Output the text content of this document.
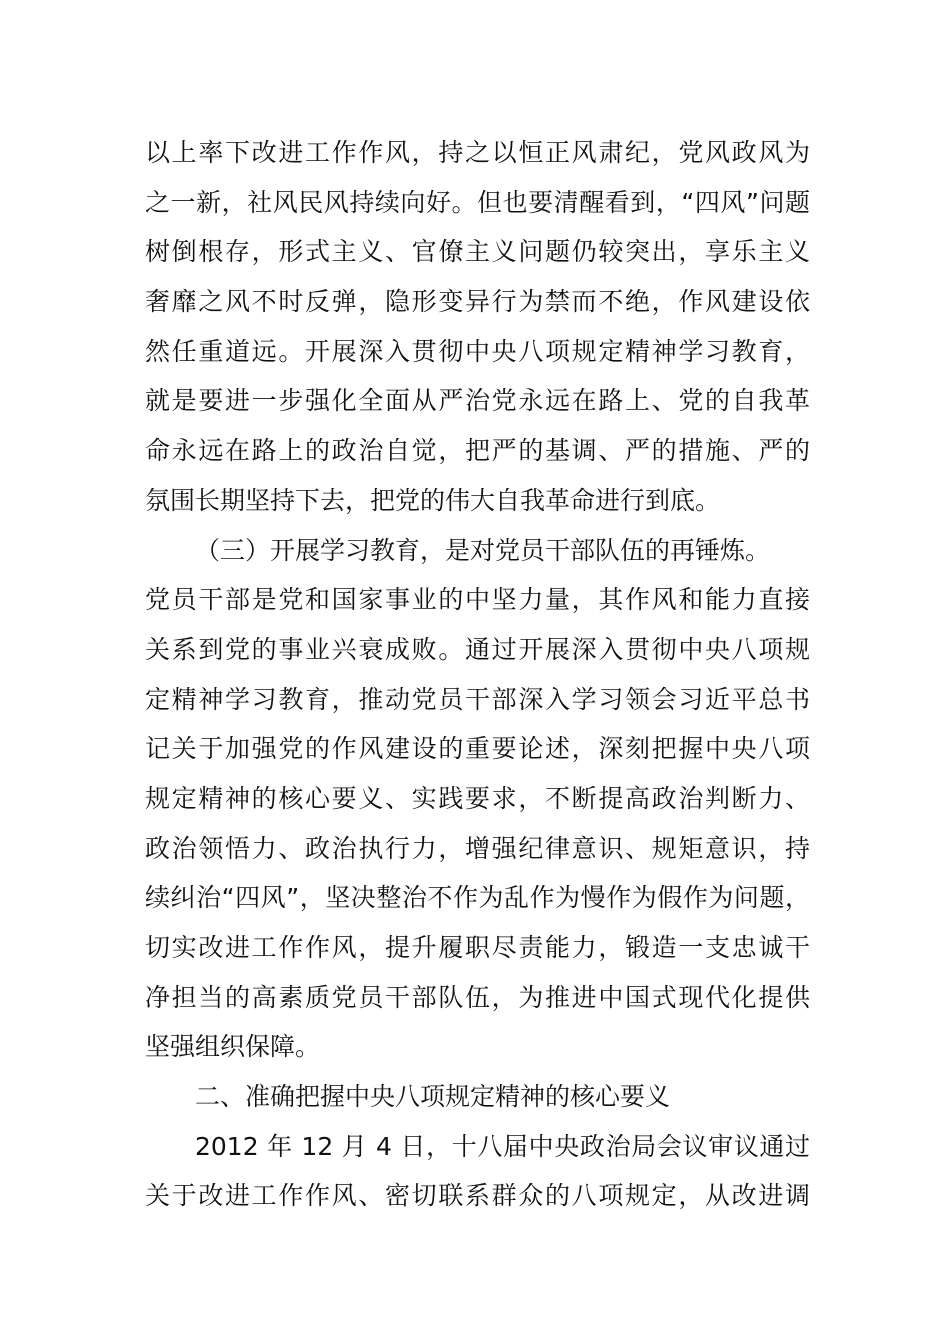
以上率下改进工作作风，持之以恒正风肃纪，党风政风为
之一新，社风民风持续向好。但也要清醒看到，“四风”问题
树倒根存，形式主义、官僚主义问题仍较突出，享乐主义
奢靡之风不时反弹，隐形变异行为禁而不绝，作风建设依
然任重道远。开展深入贯彻中央八项规定精神学习教育，
就是要进一步强化全面从严治党永远在路上、党的自我革
命永远在路上的政治自觉，把严的基调、严的措施、严的
氛围长期坚持下去，把党的伟大自我革命进行到底。
（三）开展学习教育，是对党员干部队伍的再锤炼。
党员干部是党和国家事业的中坚力量，其作风和能力直接
关系到党的事业兴衰成败。通过开展深入贯彻中央八项规
定精神学习教育，推动党员干部深入学习领会习近平总书
记关于加强党的作风建设的重要论述，深刻把握中央八项
规定精神的核心要义、实践要求，不断提高政治判断力、
政治领悟力、政治执行力，增强纪律意识、规矩意识，持
续纠治“四风”，坚决整治不作为乱作为慢作为假作为问题，
切实改进工作作风，提升履职尽责能力，锻造一支忠诚干
净担当的高素质党员干部队伍，为推进中国式现代化提供
坚强组织保障。
二、准确把握中央八项规定精神的核心要义
2012 年 12 月 4 日，十八届中央政治局会议审议通过
关于改进工作作风、密切联系群众的八项规定，从改进调
